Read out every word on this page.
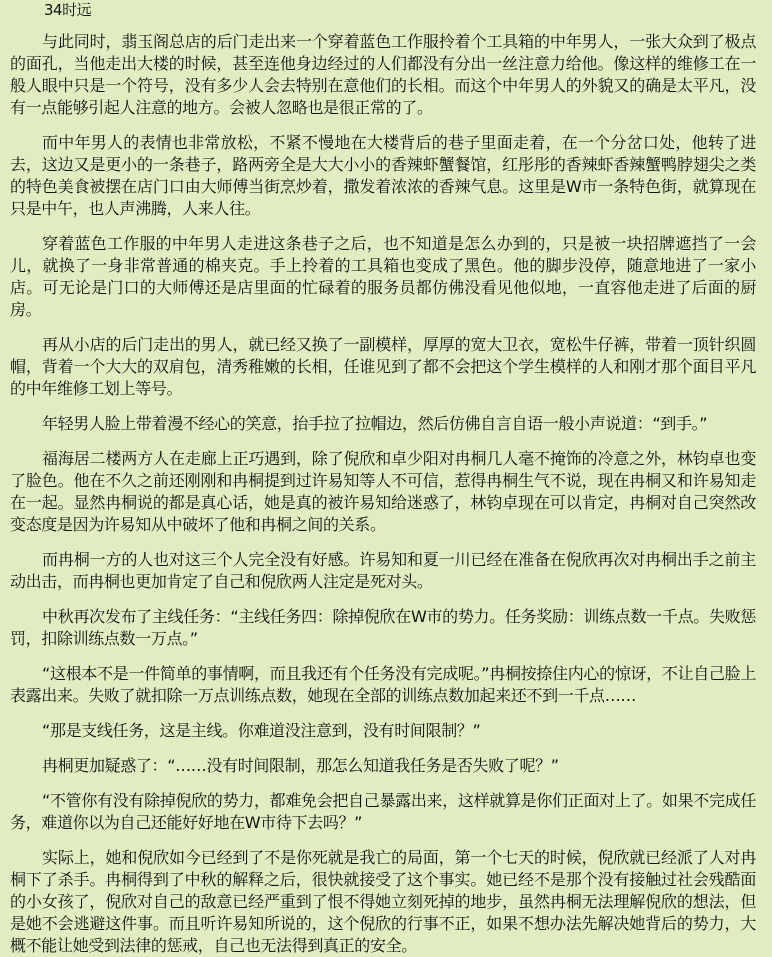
34时远

与此同时，翡玉阁总店的后门走出来一个穿着蓝色工作服拎着个工具箱的中年男人，一张大众到了极点的面孔，当他走出大楼的时候，甚至连他身边经过的人们都没有分出一丝注意力给他。像这样的维修工在一般人眼中只是一个符号，没有多少人会去特别在意他们的长相。而这个中年男人的外貌又的确是太平凡，没有一点能够引起人注意的地方。会被人忽略也是很正常的了。

而中年男人的表情也非常放松，不紧不慢地在大楼背后的巷子里面走着，在一个分岔口处，他转了进去，这边又是更小的一条巷子，路两旁全是大大小小的香辣虾蟹餐馆，红彤彤的香辣虾香辣蟹鸭脖翅尖之类的特色美食被摆在店门口由大师傅当街烹炒着，撒发着浓浓的香辣气息。这里是W市一条特色街，就算现在只是中午，也人声沸腾，人来人往。

穿着蓝色工作服的中年男人走进这条巷子之后，也不知道是怎么办到的，只是被一块招牌遮挡了一会儿，就换了一身非常普通的棉夹克。手上拎着的工具箱也变成了黑色。他的脚步没停，随意地进了一家小店。可无论是门口的大师傅还是店里面的忙碌着的服务员都仿佛没看见他似地，一直容他走进了后面的厨房。

再从小店的后门走出的男人，就已经又换了一副模样，厚厚的宽大卫衣，宽松牛仔裤，带着一顶针织圆帽，背着一个大大的双肩包，清秀稚嫩的长相，任谁见到了都不会把这个学生模样的人和刚才那个面目平凡的中年维修工划上等号。

年轻男人脸上带着漫不经心的笑意，抬手拉了拉帽边，然后仿佛自言自语一般小声说道：“到手。”

福海居二楼两方人在走廊上正巧遇到，除了倪欣和卓少阳对冉桐几人毫不掩饰的冷意之外，林钧卓也变了脸色。他在不久之前还刚刚和冉桐提到过许易知等人不可信，惹得冉桐生气不说，现在冉桐又和许易知走在一起。显然冉桐说的都是真心话，她是真的被许易知给迷惑了，林钧卓现在可以肯定，冉桐对自己突然改变态度是因为许易知从中破坏了他和冉桐之间的关系。

而冉桐一方的人也对这三个人完全没有好感。许易知和夏一川已经在准备在倪欣再次对冉桐出手之前主动出击，而冉桐也更加肯定了自己和倪欣两人注定是死对头。

中秋再次发布了主线任务：“主线任务四：除掉倪欣在W市的势力。任务奖励：训练点数一千点。失败惩罚，扣除训练点数一万点。”

“这根本不是一件简单的事情啊，而且我还有个任务没有完成呢。”冉桐按捺住内心的惊讶，不让自己脸上表露出来。失败了就扣除一万点训练点数，她现在全部的训练点数加起来还不到一千点……

“那是支线任务，这是主线。你难道没注意到，没有时间限制？”

冉桐更加疑惑了：“……没有时间限制，那怎么知道我任务是否失败了呢？”

“不管你有没有除掉倪欣的势力，都难免会把自己暴露出来，这样就算是你们正面对上了。如果不完成任务，难道你以为自己还能好好地在W市待下去吗？”

实际上，她和倪欣如今已经到了不是你死就是我亡的局面，第一个七天的时候，倪欣就已经派了人对冉桐下了杀手。冉桐得到了中秋的解释之后，很快就接受了这个事实。她已经不是那个没有接触过社会残酷面的小女孩了，倪欣对自己的敌意已经严重到了恨不得她立刻死掉的地步，虽然冉桐无法理解倪欣的想法，但是她不会逃避这件事。而且听许易知所说的，这个倪欣的行事不正，如果不想办法先解决她背后的势力，大概不能让她受到法律的惩戒，自己也无法得到真正的安全。
